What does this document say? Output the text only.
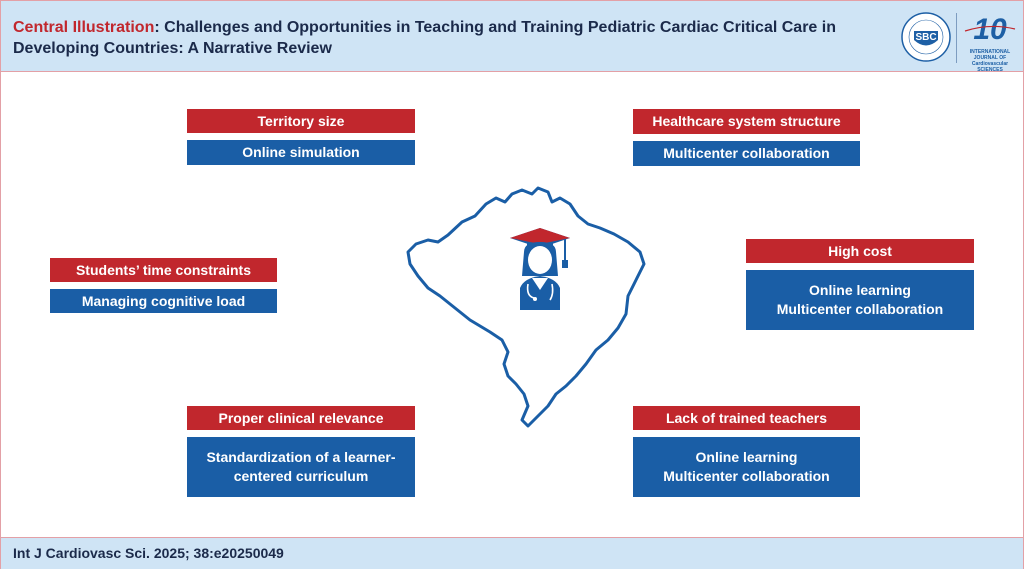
Central Illustration: Challenges and Opportunities in Teaching and Training Pediatric Cardiac Critical Care in Developing Countries: A Narrative Review
SBC 10
INTERNATIONAL JOURNAL OF Cardiovascular SCIENCES
Territory size
Online simulation
Healthcare system structure
Multicenter collaboration
Students’ time constraints
Managing cognitive load
High cost
Online learning
Multicenter collaboration
Proper clinical relevance
Standardization of a learner-
centered curriculum
Lack of trained teachers
Online learning
Multicenter collaboration
Int J Cardiovasc Sci. 2025; 38:e20250049
